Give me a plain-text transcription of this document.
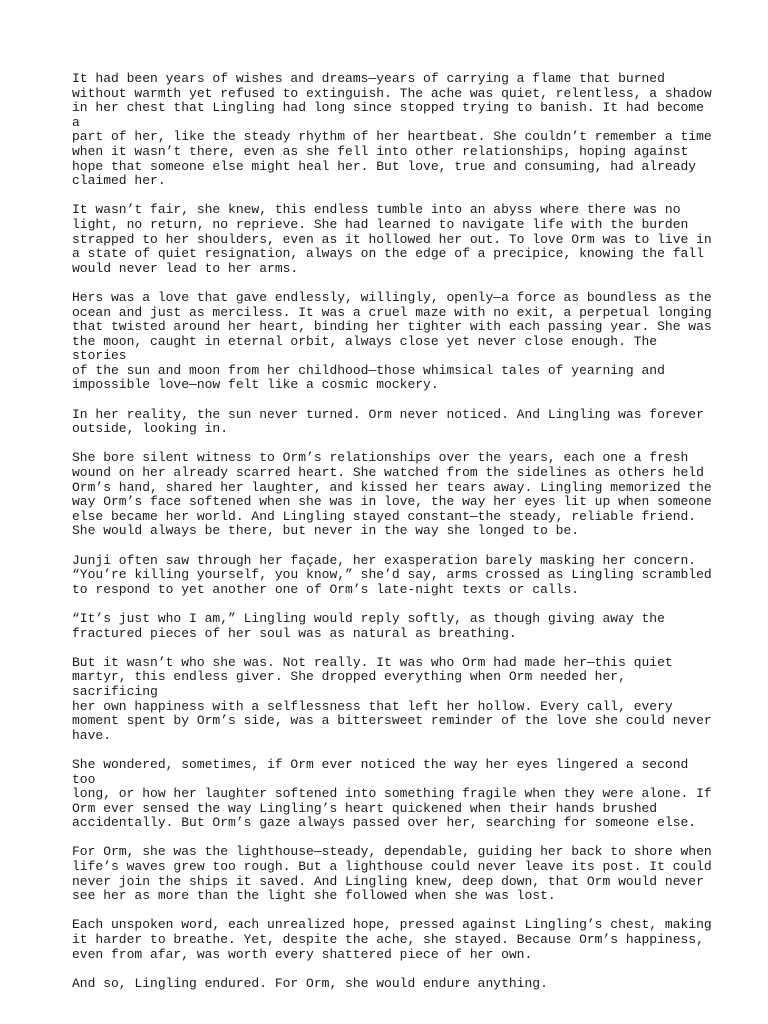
It had been years of wishes and dreams—years of carrying a flame that burned
without warmth yet refused to extinguish. The ache was quiet, relentless, a shadow
in her chest that Lingling had long since stopped trying to banish. It had become a
part of her, like the steady rhythm of her heartbeat. She couldn’t remember a time
when it wasn’t there, even as she fell into other relationships, hoping against
hope that someone else might heal her. But love, true and consuming, had already
claimed her.

It wasn’t fair, she knew, this endless tumble into an abyss where there was no
light, no return, no reprieve. She had learned to navigate life with the burden
strapped to her shoulders, even as it hollowed her out. To love Orm was to live in
a state of quiet resignation, always on the edge of a precipice, knowing the fall
would never lead to her arms.

Hers was a love that gave endlessly, willingly, openly—a force as boundless as the
ocean and just as merciless. It was a cruel maze with no exit, a perpetual longing
that twisted around her heart, binding her tighter with each passing year. She was
the moon, caught in eternal orbit, always close yet never close enough. The stories
of the sun and moon from her childhood—those whimsical tales of yearning and
impossible love—now felt like a cosmic mockery.

In her reality, the sun never turned. Orm never noticed. And Lingling was forever
outside, looking in.

She bore silent witness to Orm’s relationships over the years, each one a fresh
wound on her already scarred heart. She watched from the sidelines as others held
Orm’s hand, shared her laughter, and kissed her tears away. Lingling memorized the
way Orm’s face softened when she was in love, the way her eyes lit up when someone
else became her world. And Lingling stayed constant—the steady, reliable friend.
She would always be there, but never in the way she longed to be.

Junji often saw through her façade, her exasperation barely masking her concern.
“You’re killing yourself, you know,” she’d say, arms crossed as Lingling scrambled
to respond to yet another one of Orm’s late-night texts or calls.

“It’s just who I am,” Lingling would reply softly, as though giving away the
fractured pieces of her soul was as natural as breathing.

But it wasn’t who she was. Not really. It was who Orm had made her—this quiet
martyr, this endless giver. She dropped everything when Orm needed her, sacrificing
her own happiness with a selflessness that left her hollow. Every call, every
moment spent by Orm’s side, was a bittersweet reminder of the love she could never
have.

She wondered, sometimes, if Orm ever noticed the way her eyes lingered a second too
long, or how her laughter softened into something fragile when they were alone. If
Orm ever sensed the way Lingling’s heart quickened when their hands brushed
accidentally. But Orm’s gaze always passed over her, searching for someone else.

For Orm, she was the lighthouse—steady, dependable, guiding her back to shore when
life’s waves grew too rough. But a lighthouse could never leave its post. It could
never join the ships it saved. And Lingling knew, deep down, that Orm would never
see her as more than the light she followed when she was lost.

Each unspoken word, each unrealized hope, pressed against Lingling’s chest, making
it harder to breathe. Yet, despite the ache, she stayed. Because Orm’s happiness,
even from afar, was worth every shattered piece of her own.

And so, Lingling endured. For Orm, she would endure anything.
